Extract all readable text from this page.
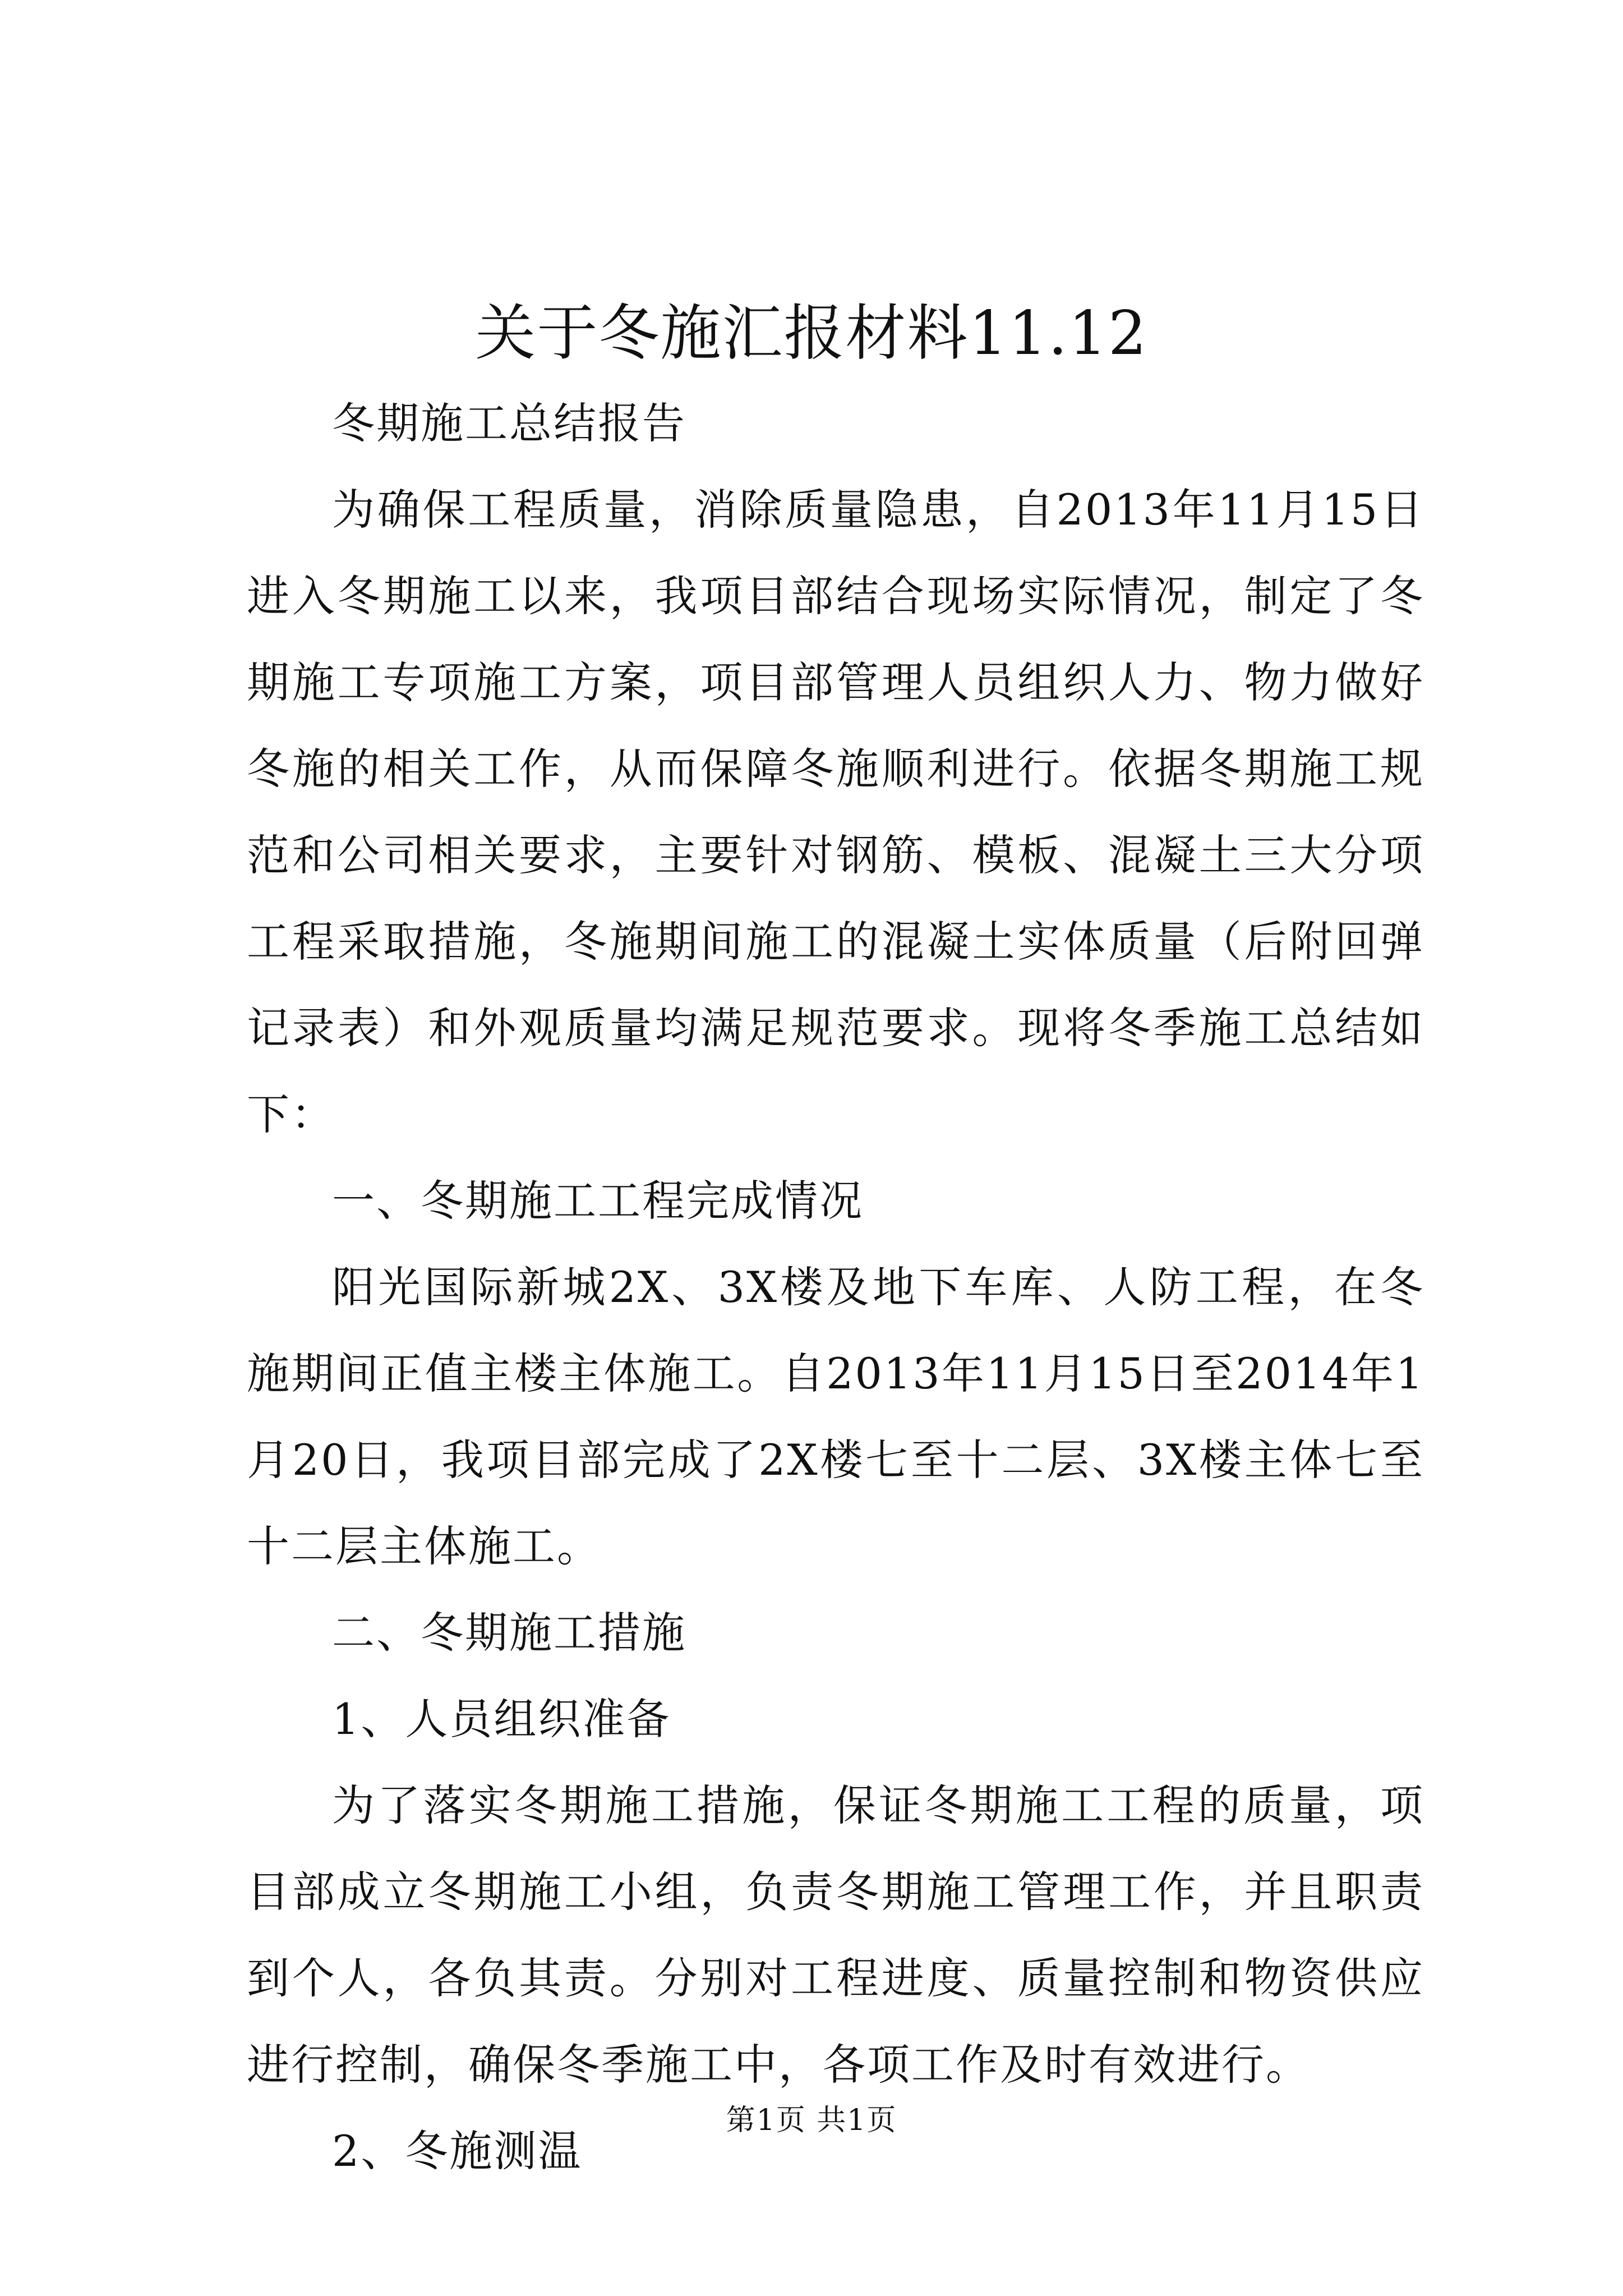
关于冬施汇报材料11.12

冬期施工总结报告

为确保工程质量，消除质量隐患，自2013年11月15日进入冬期施工以来，我项目部结合现场实际情况，制定了冬期施工专项施工方案，项目部管理人员组织人力、物力做好冬施的相关工作，从而保障冬施顺利进行。依据冬期施工规范和公司相关要求，主要针对钢筋、模板、混凝土三大分项工程采取措施，冬施期间施工的混凝土实体质量（后附回弹记录表）和外观质量均满足规范要求。现将冬季施工总结如下：

一、冬期施工工程完成情况

阳光国际新城2X、3X楼及地下车库、人防工程，在冬施期间正值主楼主体施工。自2013年11月15日至2014年1月20日，我项目部完成了2X楼七至十二层、3X楼主体七至十二层主体施工。

二、冬期施工措施

1、人员组织准备

为了落实冬期施工措施，保证冬期施工工程的质量，项目部成立冬期施工小组，负责冬期施工管理工作，并且职责到个人，各负其责。分别对工程进度、质量控制和物资供应进行控制，确保冬季施工中，各项工作及时有效进行。

2、冬施测温

第1页 共1页
